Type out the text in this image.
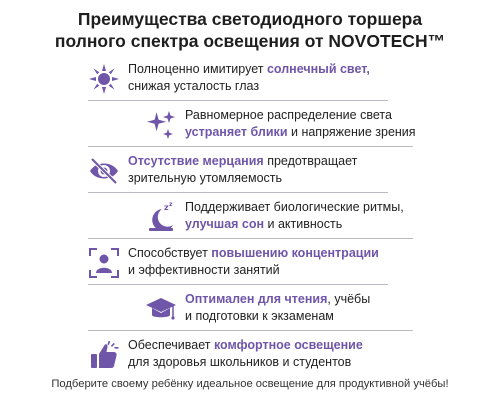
Преимущества светодиодного торшера
полного спектра освещения от NOVOTECH™
Полноценно имитирует солнечный свет,
снижая усталость глаз
Равномерное распределение света
устраняет блики и напряжение зрения
Отсутствие мерцания предотвращает
зрительную утомляемость
z z Поддерживает биологические ритмы,
улучшая сон и активность
Способствует повышению концентрации
и эффективности занятий
Оптимален для чтения, учёбы
и подготовки к экзаменам
Обеспечивает комфортное освещение
для здоровья школьников и студентов
Подберите своему ребёнку идеальное освещение для продуктивной учёбы!
